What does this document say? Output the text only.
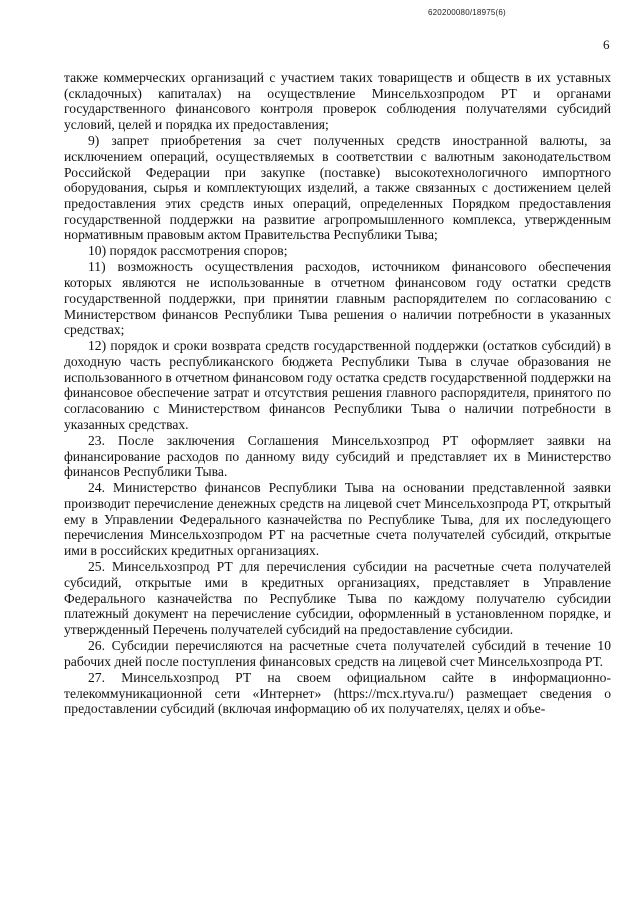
620200080/18975(6)
6

также коммерческих организаций с участием таких товариществ и обществ в их уставных (складочных) капиталах) на осуществление Минсельхозпродом РТ и органами государственного финансового контроля проверок соблюдения получателями субсидий условий, целей и порядка их предоставления;

9) запрет приобретения за счет полученных средств иностранной валюты, за исключением операций, осуществляемых в соответствии с валютным законодательством Российской Федерации при закупке (поставке) высокотехнологичного импортного оборудования, сырья и комплектующих изделий, а также связанных с достижением целей предоставления этих средств иных операций, определенных Порядком предоставления государственной поддержки на развитие агропромышленного комплекса, утвержденным нормативным правовым актом Правительства Республики Тыва;

10) порядок рассмотрения споров;

11) возможность осуществления расходов, источником финансового обеспечения которых являются не использованные в отчетном финансовом году остатки средств государственной поддержки, при принятии главным распорядителем по согласованию с Министерством финансов Республики Тыва решения о наличии потребности в указанных средствах;

12) порядок и сроки возврата средств государственной поддержки (остатков субсидий) в доходную часть республиканского бюджета Республики Тыва в случае образования не использованного в отчетном финансовом году остатка средств государственной поддержки на финансовое обеспечение затрат и отсутствия решения главного распорядителя, принятого по согласованию с Министерством финансов Республики Тыва о наличии потребности в указанных средствах.

23. После заключения Соглашения Минсельхозпрод РТ оформляет заявки на финансирование расходов по данному виду субсидий и представляет их в Министерство финансов Республики Тыва.

24. Министерство финансов Республики Тыва на основании представленной заявки производит перечисление денежных средств на лицевой счет Минсельхозпрода РТ, открытый ему в Управлении Федерального казначейства по Республике Тыва, для их последующего перечисления Минсельхозпродом РТ на расчетные счета получателей субсидий, открытые ими в российских кредитных организациях.

25. Минсельхозпрод РТ для перечисления субсидии на расчетные счета получателей субсидий, открытые ими в кредитных организациях, представляет в Управление Федерального казначейства по Республике Тыва по каждому получателю субсидии платежный документ на перечисление субсидии, оформленный в установленном порядке, и утвержденный Перечень получателей субсидий на предоставление субсидии.

26. Субсидии перечисляются на расчетные счета получателей субсидий в течение 10 рабочих дней после поступления финансовых средств на лицевой счет Минсельхозпрода РТ.

27. Минсельхозпрод РТ на своем официальном сайте в информационно-телекоммуникационной сети «Интернет» (https://mcx.rtyva.ru/) размещает сведения о предоставлении субсидий (включая информацию об их получателях, целях и объе-
